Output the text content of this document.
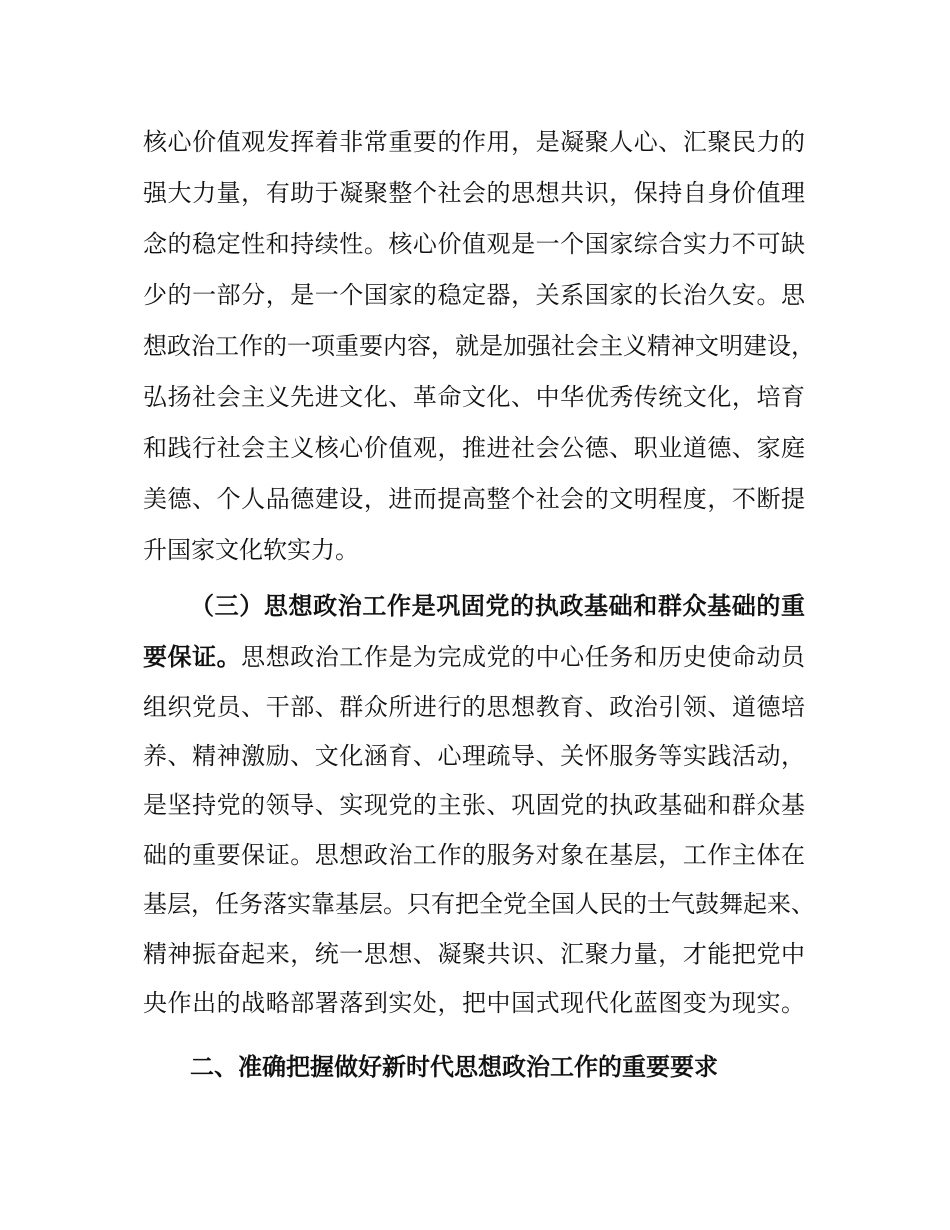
核心价值观发挥着非常重要的作用，是凝聚人心、汇聚民力的
强大力量，有助于凝聚整个社会的思想共识，保持自身价值理
念的稳定性和持续性。核心价值观是一个国家综合实力不可缺
少的一部分，是一个国家的稳定器，关系国家的长治久安。思
想政治工作的一项重要内容，就是加强社会主义精神文明建设，
弘扬社会主义先进文化、革命文化、中华优秀传统文化，培育
和践行社会主义核心价值观，推进社会公德、职业道德、家庭
美德、个人品德建设，进而提高整个社会的文明程度，不断提
升国家文化软实力。
（三）思想政治工作是巩固党的执政基础和群众基础的重
要保证。思想政治工作是为完成党的中心任务和历史使命动员
组织党员、干部、群众所进行的思想教育、政治引领、道德培
养、精神激励、文化涵育、心理疏导、关怀服务等实践活动，
是坚持党的领导、实现党的主张、巩固党的执政基础和群众基
础的重要保证。思想政治工作的服务对象在基层，工作主体在
基层，任务落实靠基层。只有把全党全国人民的士气鼓舞起来、
精神振奋起来，统一思想、凝聚共识、汇聚力量，才能把党中
央作出的战略部署落到实处，把中国式现代化蓝图变为现实。
二、准确把握做好新时代思想政治工作的重要要求
